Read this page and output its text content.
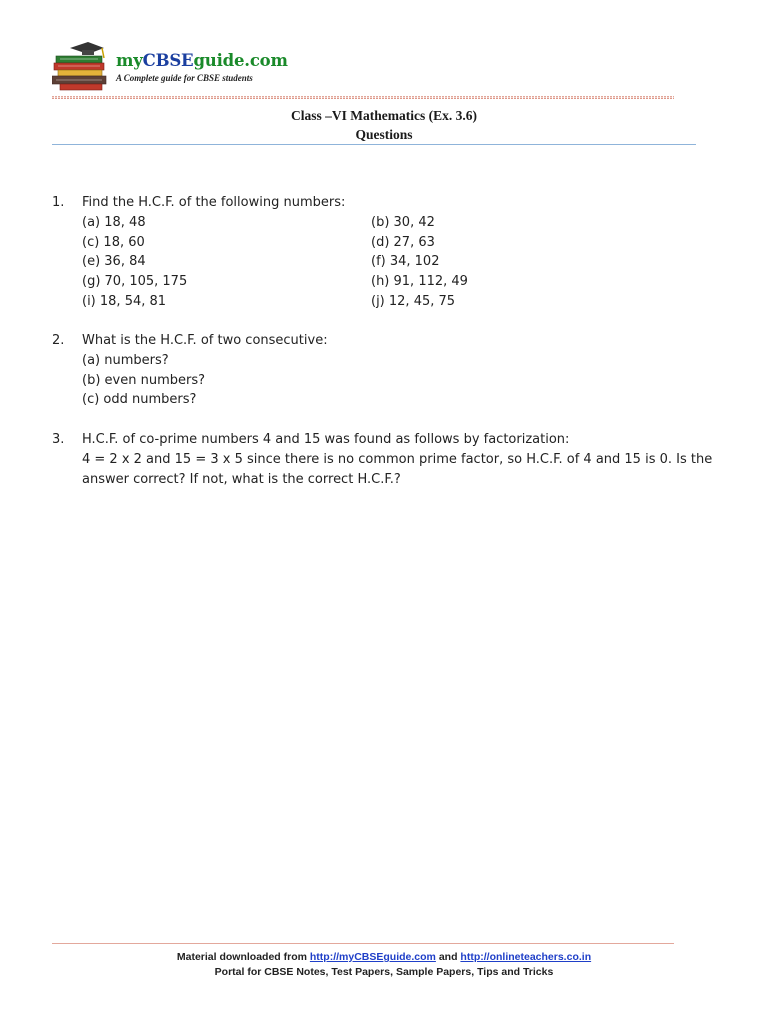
myCBSEguide.com
A Complete guide for CBSE students
Class –VI Mathematics (Ex. 3.6)
Questions
1. Find the H.C.F. of the following numbers:
(a) 18, 48	(b) 30, 42
(c) 18, 60	(d) 27, 63
(e) 36, 84	(f) 34, 102
(g) 70, 105, 175	(h) 91, 112, 49
(i) 18, 54, 81	(j) 12, 45, 75
2. What is the H.C.F. of two consecutive:
(a) numbers?
(b) even numbers?
(c) odd numbers?
3. H.C.F. of co-prime numbers 4 and 15 was found as follows by factorization:
4 = 2 x 2 and 15 = 3 x 5 since there is no common prime factor, so H.C.F. of 4 and 15 is 0. Is the
answer correct? If not, what is the correct H.C.F.?
Material downloaded from http://myCBSEguide.com and http://onlineteachers.co.in
Portal for CBSE Notes, Test Papers, Sample Papers, Tips and Tricks
